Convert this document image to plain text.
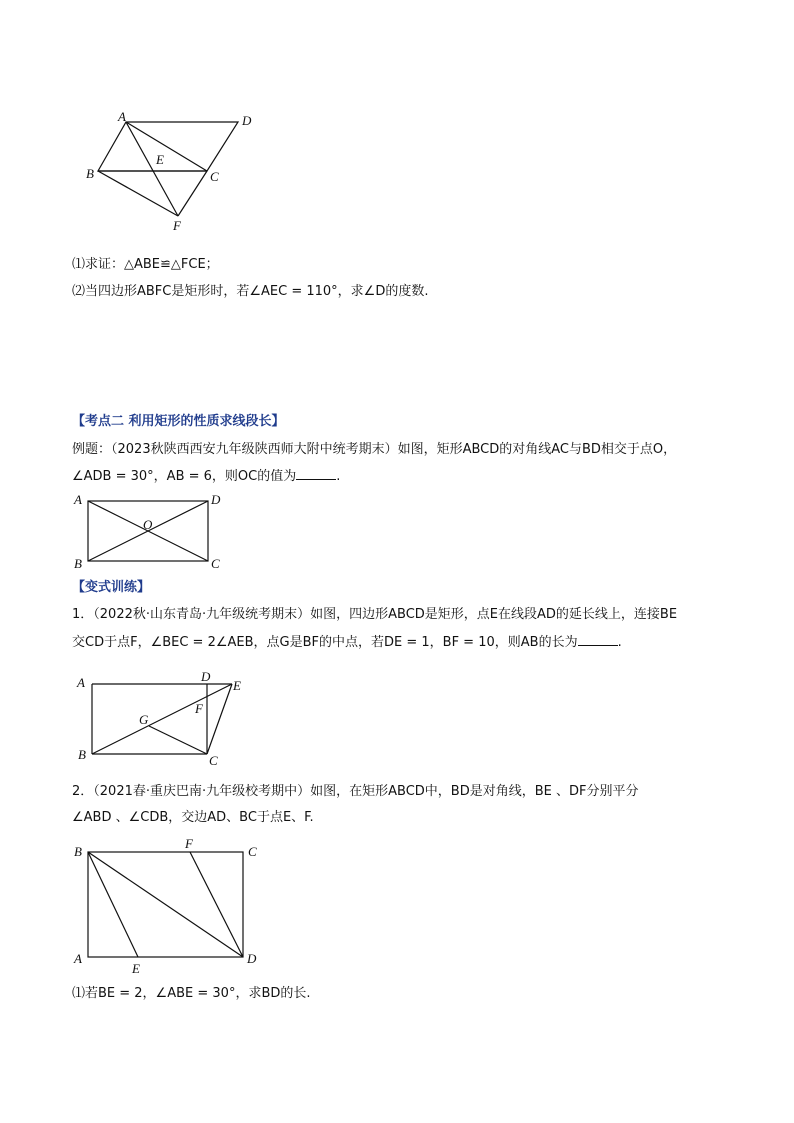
A	D
B	C
E
F
⑴求证：△ABE≌△FCE；
⑵当四边形ABFC是矩形时，若∠AEC = 110°，求∠D的度数.
【考点二 利用矩形的性质求线段长】
例题：（2023秋陕西西安九年级陕西师大附中统考期末）如图，矩形ABCD的对角线AC与BD相交于点O，
∠ADB = 30°，AB = 6，则OC的值为	.
A	D
O
B	C
【变式训练】
1．（2022秋·山东青岛·九年级统考期末）如图，四边形ABCD是矩形，点E在线段AD的延长线上，连接BE
交CD于点F，∠BEC = 2∠AEB，点G是BF的中点，若DE = 1，BF = 10，则AB的长为	.
A	D
E
F
G
B	C
2．（2021春·重庆巴南·九年级校考期中）如图，在矩形ABCD中，BD是对角线，BE 、DF分别平分
∠ABD 、∠CDB，交边AD、BC于点E、F.
B
F
C
A
E
D
⑴若BE = 2，∠ABE = 30°，求BD的长.
